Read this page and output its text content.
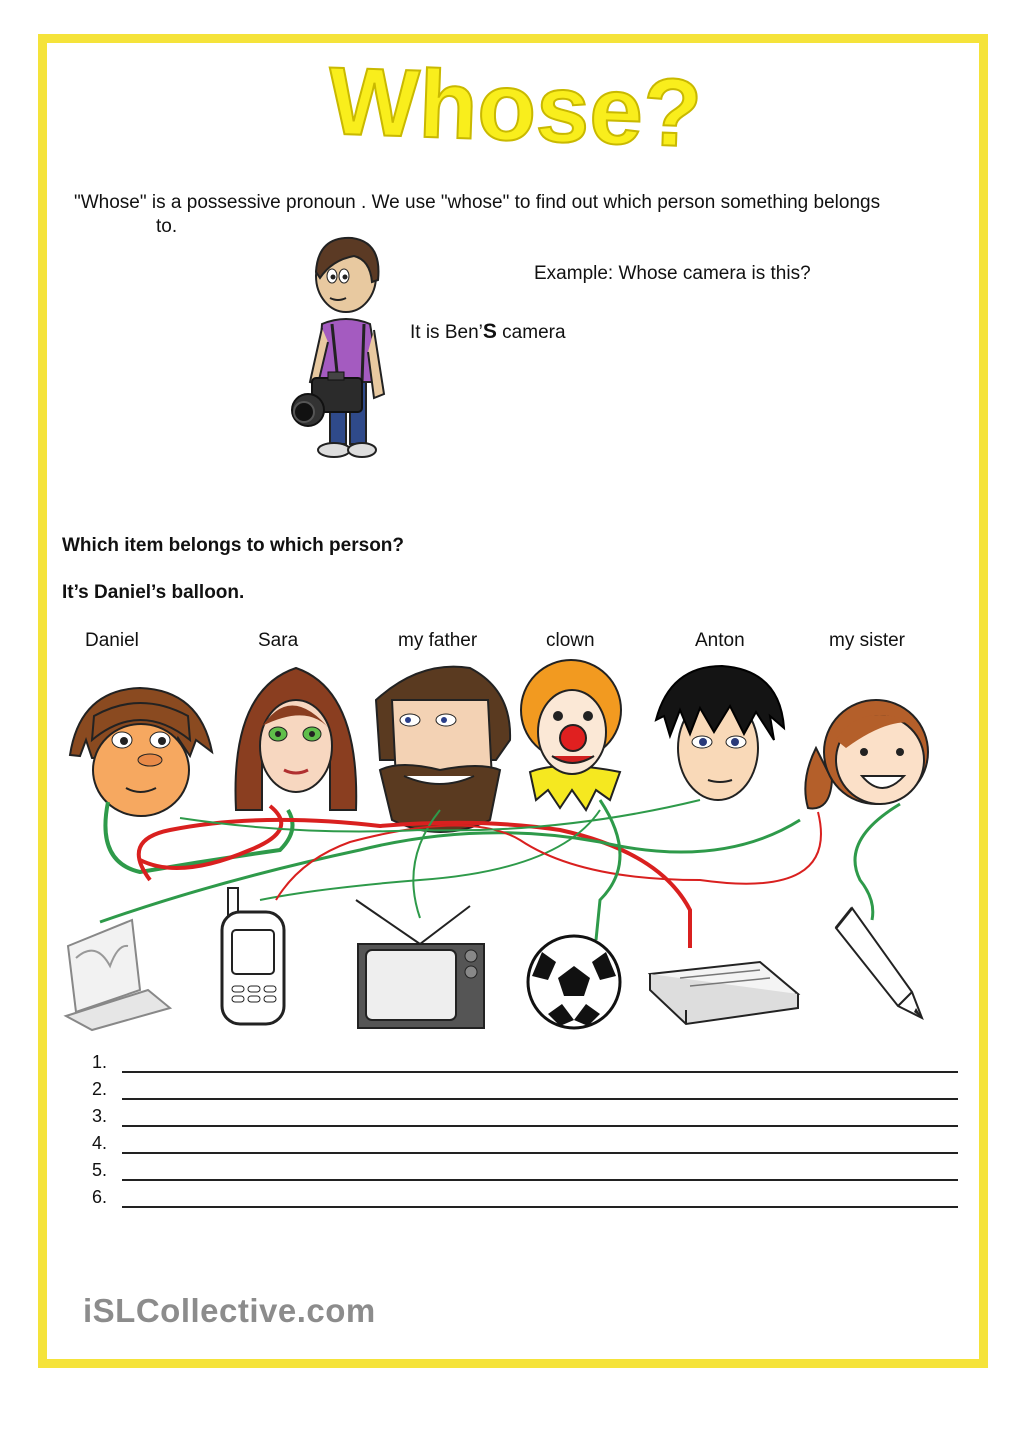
Whose?
"Whose" is a possessive pronoun . We use "whose" to find out which person something belongs
to.
Example: Whose camera is this?
It is Ben’S camera
Which item belongs to which person?
It’s Daniel’s balloon.
Daniel	Sara	my father	clown	Anton	my sister
1.
2.
3.
4.
5.
6.
iSLCollective.com
